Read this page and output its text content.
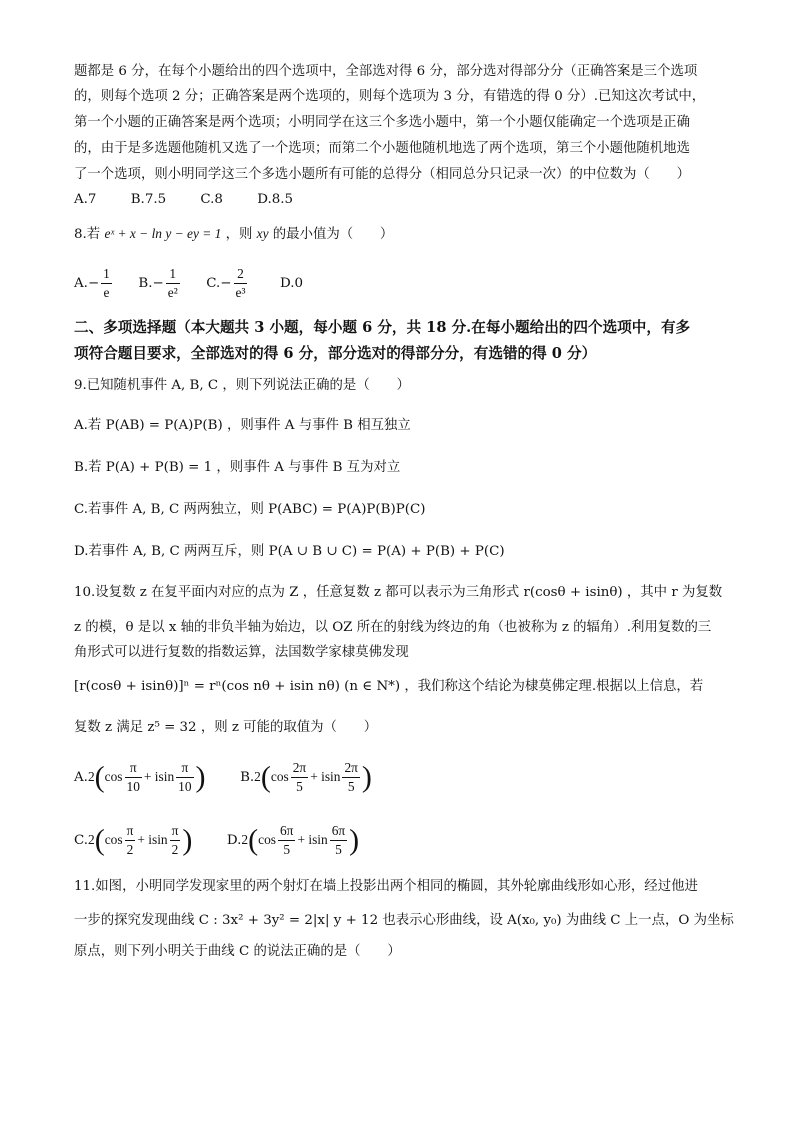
题都是 6 分，在每个小题给出的四个选项中，全部选对得 6 分，部分选对得部分分（正确答案是三个选项
的，则每个选项 2 分；正确答案是两个选项的，则每个选项为 3 分，有错选的得 0 分）.已知这次考试中，
第一个小题的正确答案是两个选项；小明同学在这三个多选小题中，第一个小题仅能确定一个选项是正确
的，由于是多选题他随机又选了一个选项；而第二个小题他随机地选了两个选项，第三个小题他随机地选
了一个选项，则小明同学这三个多选小题所有可能的总得分（相同总分只记录一次）的中位数为（　　）
A.7	B.7.5	C.8	D.8.5
8.若 eˣ + x − ln y − ey = 1 ，则 xy 的最小值为（　　）
$A.- \frac{1}{e} B.- \frac{1}{\text{e²}} C.- \frac{2}{\text{e³}} D.0$
二、多项选择题（本大题共 3 小题，每小题 6 分，共 18 分.在每小题给出的四个选项中，有多
项符合题目要求，全部选对的得 6 分，部分选对的得部分分，有选错的得 0 分）
9.已知随机事件 A, B, C ，则下列说法正确的是（　　）
A.若 P(AB) = P(A)P(B) ，则事件 A 与事件 B 相互独立
B.若 P(A) + P(B) = 1 ，则事件 A 与事件 B 互为对立
C.若事件 A, B, C 两两独立，则 P(ABC) = P(A)P(B)P(C)
D.若事件 A, B, C 两两互斥，则 P(A ∪ B ∪ C) = P(A) + P(B) + P(C)
10.设复数 z 在复平面内对应的点为 Z ，任意复数 z 都可以表示为三角形式 r(cosθ + isinθ) ，其中 r 为复数
z 的模，θ 是以 x 轴的非负半轴为始边，以 OZ 所在的射线为终边的角（也被称为 z 的辐角）.利用复数的三
角形式可以进行复数的指数运算，法国数学家棣莫佛发现
[r(cosθ + isinθ)]ⁿ = rⁿ(cos nθ + isin nθ) (n ∈ N*) ，我们称这个结论为棣莫佛定理.根据以上信息，若
复数 z 满足 z⁵ = 32 ，则 z 可能的取值为（　　）
$A.2(\cos \frac{\pi}{10} + isin \frac{\pi}{10}$ )	$B.2(\cos \frac{2\pi}{5} + isin \frac{2\pi}{5}$ )
$C.2(\cos \frac{\pi}{2} + isin \frac{\pi}{2}$ )	$D.2(\cos \frac{6\pi}{5} + isin \frac{6\pi}{5}$ )
11.如图，小明同学发现家里的两个射灯在墙上投影出两个相同的椭圆，其外轮廓曲线形如心形，经过他进
一步的探究发现曲线 C : 3x² + 3y² = 2|x| y + 12 也表示心形曲线，设 A(x₀, y₀) 为曲线 C 上一点，O 为坐标
原点，则下列小明关于曲线 C 的说法正确的是（　　）
